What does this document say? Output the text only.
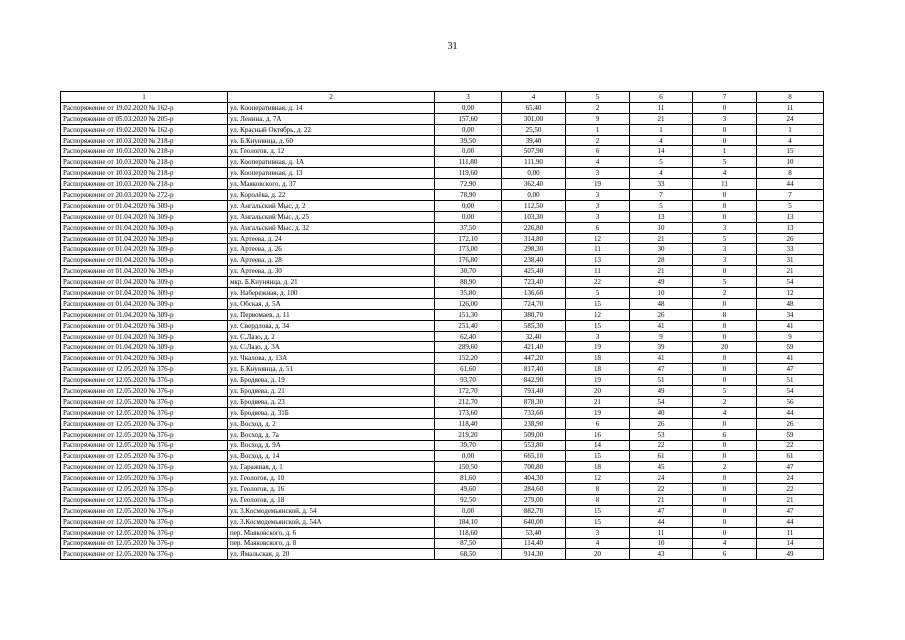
31
1	2	3	4	5	6	7	8
Распоряжение от 19.02.2020 № 162-р	ул. Кооперативная, д. 14	0,00	65,40	2	11	0	11
Распоряжение от 05.03.2020 № 205-р	ул. Ленина, д. 7А	157,60	301,00	9	21	3	24
Распоряжение от 19.02.2020 № 162-р	ул. Красный Октябрь, д. 22	0,00	25,50	1	1	0	1
Распоряжение от 10.03.2020 № 218-р	ул. Б.Кнунянца, д. 60	39,50	39,40	2	4	0	4
Распоряжение от 10.03.2020 № 218-р	ул. Геологов, д. 12	0,00	507,90	6	14	1	15
Распоряжение от 10.03.2020 № 218-р	ул. Кооперативная, д. 1А	111,80	111,90	4	5	5	10
Распоряжение от 10.03.2020 № 218-р	ул. Кооперативная, д. 13	119,60	0,00	3	4	4	8
Распоряжение от 10.03.2020 № 218-р	ул. Маяковского, д. 37	72,90	362,40	19	33	11	44
Распоряжение от 20.03.2020 № 272-р	ул. Королёва, д. 22	78,90	0,00	3	7	0	7
Распоряжение от 01.04.2020 № 309-р	ул. Ангальский Мыс, д. 2	0,00	112,50	3	5	0	5
Распоряжение от 01.04.2020 № 309-р	ул. Ангальский Мыс, д. 25	0,00	103,30	3	13	0	13
Распоряжение от 01.04.2020 № 309-р	ул. Ангальский Мыс, д. 32	37,50	226,80	6	10	3	13
Распоряжение от 01.04.2020 № 309-р	ул. Артеева, д. 24	172,10	314,80	12	21	5	26
Распоряжение от 01.04.2020 № 309-р	ул. Артеева, д. 26	173,00	298,30	11	30	3	33
Распоряжение от 01.04.2020 № 309-р	ул. Артеева, д. 28	176,80	238,40	13	28	3	31
Распоряжение от 01.04.2020 № 309-р	ул. Артеева, д. 30	30,70	425,40	11	21	0	21
Распоряжение от 01.04.2020 № 309-р	мкр. Б.Кнунянца, д. 21	88,90	723,40	22	49	5	54
Распоряжение от 01.04.2020 № 309-р	ул. Набережная, д. 100	35,80	136,60	5	10	2	12
Распоряжение от 01.04.2020 № 309-р	ул. Обская, д. 5А	126,00	724,70	15	48	0	48
Распоряжение от 01.04.2020 № 309-р	ул. Первомаев, д. 11	151,30	380,70	12	26	8	34
Распоряжение от 01.04.2020 № 309-р	ул. Свердлова, д. 34	251,40	585,30	15	41	0	41
Распоряжение от 01.04.2020 № 309-р	ул. С.Лазо, д. 2	62,40	32,40	3	9	0	9
Распоряжение от 01.04.2020 № 309-р	ул. С.Лазо, д. 3А	289,60	421,40	19	39	20	59
Распоряжение от 01.04.2020 № 309-р	ул. Чкалова, д. 13А	152,20	447,20	18	41	0	41
Распоряжение от 12.05.2020 № 376-р	ул. Б.Кнунянца, д. 51	61,60	817,40	18	47	0	47
Распоряжение от 12.05.2020 № 376-р	ул. Бродяева, д. 19	93,70	842,90	19	51	0	51
Распоряжение от 12.05.2020 № 376-р	ул. Бродяева, д. 21	172,70	793,40	20	49	5	54
Распоряжение от 12.05.2020 № 376-р	ул. Бродяева, д. 23	212,70	878,30	21	54	2	56
Распоряжение от 12.05.2020 № 376-р	ул. Бродяева, д. 31Б	173,60	733,60	19	40	4	44
Распоряжение от 12.05.2020 № 376-р	ул. Восход, д. 2	118,40	238,90	6	26	0	26
Распоряжение от 12.05.2020 № 376-р	ул. Восход, д. 7а	219,20	509,00	16	53	6	59
Распоряжение от 12.05.2020 № 376-р	ул. Восход, д. 9А	39,70	553,80	14	22	0	22
Распоряжение от 12.05.2020 № 376-р	ул. Восход, д. 14	0,00	665,10	15	61	0	61
Распоряжение от 12.05.2020 № 376-р	ул. Гаражная, д. 1	150,50	700,80	18	45	2	47
Распоряжение от 12.05.2020 № 376-р	ул. Геологов, д. 10	81,60	404,30	12	24	0	24
Распоряжение от 12.05.2020 № 376-р	ул. Геологов, д. 16	49,60	284,60	8	22	0	22
Распоряжение от 12.05.2020 № 376-р	ул. Геологов, д. 18	92,50	279,00	8	21	0	21
Распоряжение от 12.05.2020 № 376-р	ул. 3.Космодемьянской, д. 54	0,00	882,70	15	47	0	47
Распоряжение от 12.05.2020 № 376-р	ул. 3.Космодемьянской, д. 54А	184,10	640,00	15	44	0	44
Распоряжение от 12.05.2020 № 376-р	пер. Маяковского, д. 6	118,60	53,40	3	11	0	11
Распоряжение от 12.05.2020 № 376-р	пер. Маяковского, д. 8	87,50	114,40	4	10	4	14
Распоряжение от 12.05.2020 № 376-р	ул. Ямальская, д. 20	68,50	914,30	20	43	6	49
